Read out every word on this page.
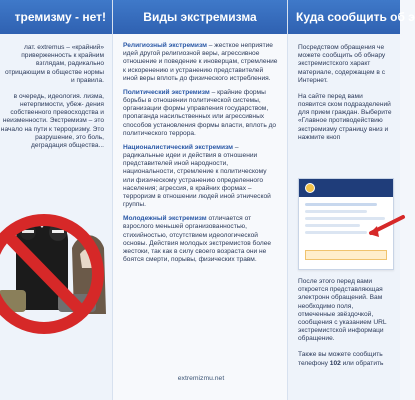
тремизму - нет!

лат. extremus – «крайний» приверженность к крайним взглядам, радикально отрицающим в обществе нормы и правила.

в очередь, идеология. лизма, нетерпимости, убеж- дения собственного превосходства и неизменности. Экстремизм – это начало на пути к терроризму. Это разрушение, это боль, деградация общества...

Виды экстремизма

Религиозный экстремизм – жесткое неприятие идей другой религиозной веры, агрессивное отношение и поведение к иноверцам, стремление к искоренению и устранению представителей иной веры вплоть до физического истребления.

Политический экстремизм – крайние формы борьбы в отношении политической системы, организации формы управления государством, пропаганда насильственных или агрессивных способов установления формы власти, вплоть до политического террора.

Националистический экстремизм – радикальные идеи и действия в отношении представителей иной народности, национальности, стремление к политическому или физическому устранению определенного населения; агрессия, в крайних формах – терроризм в отношении людей иной этнической группы.

Молодежный экстремизм отличается от взрослого меньшей организованностью, стихийностью, отсутствием идеологической основы. Действия молодых экстремистов более жестоки, так как в силу своего возраста они не боятся смерти, порывы, физических травм.

extremizmu.net
Куда сообщить об э

Посредством обращения че можете сообщить об обнару экстремистского характ материале, содержащем в с Интернет.

На сайте перед вами появится ском подразделений для прием граждан. Выберите «Главное противодействию экстремизму страницу вниз и нажмите кноп

После этого перед вами откроется представляющая электронн обращений. Вам необходимо поля, отмеченные звёздочкой, сообщения с указанием URL экстремистской информаци обращение.

Также вы можете сообщить телефону 102 или обратить
